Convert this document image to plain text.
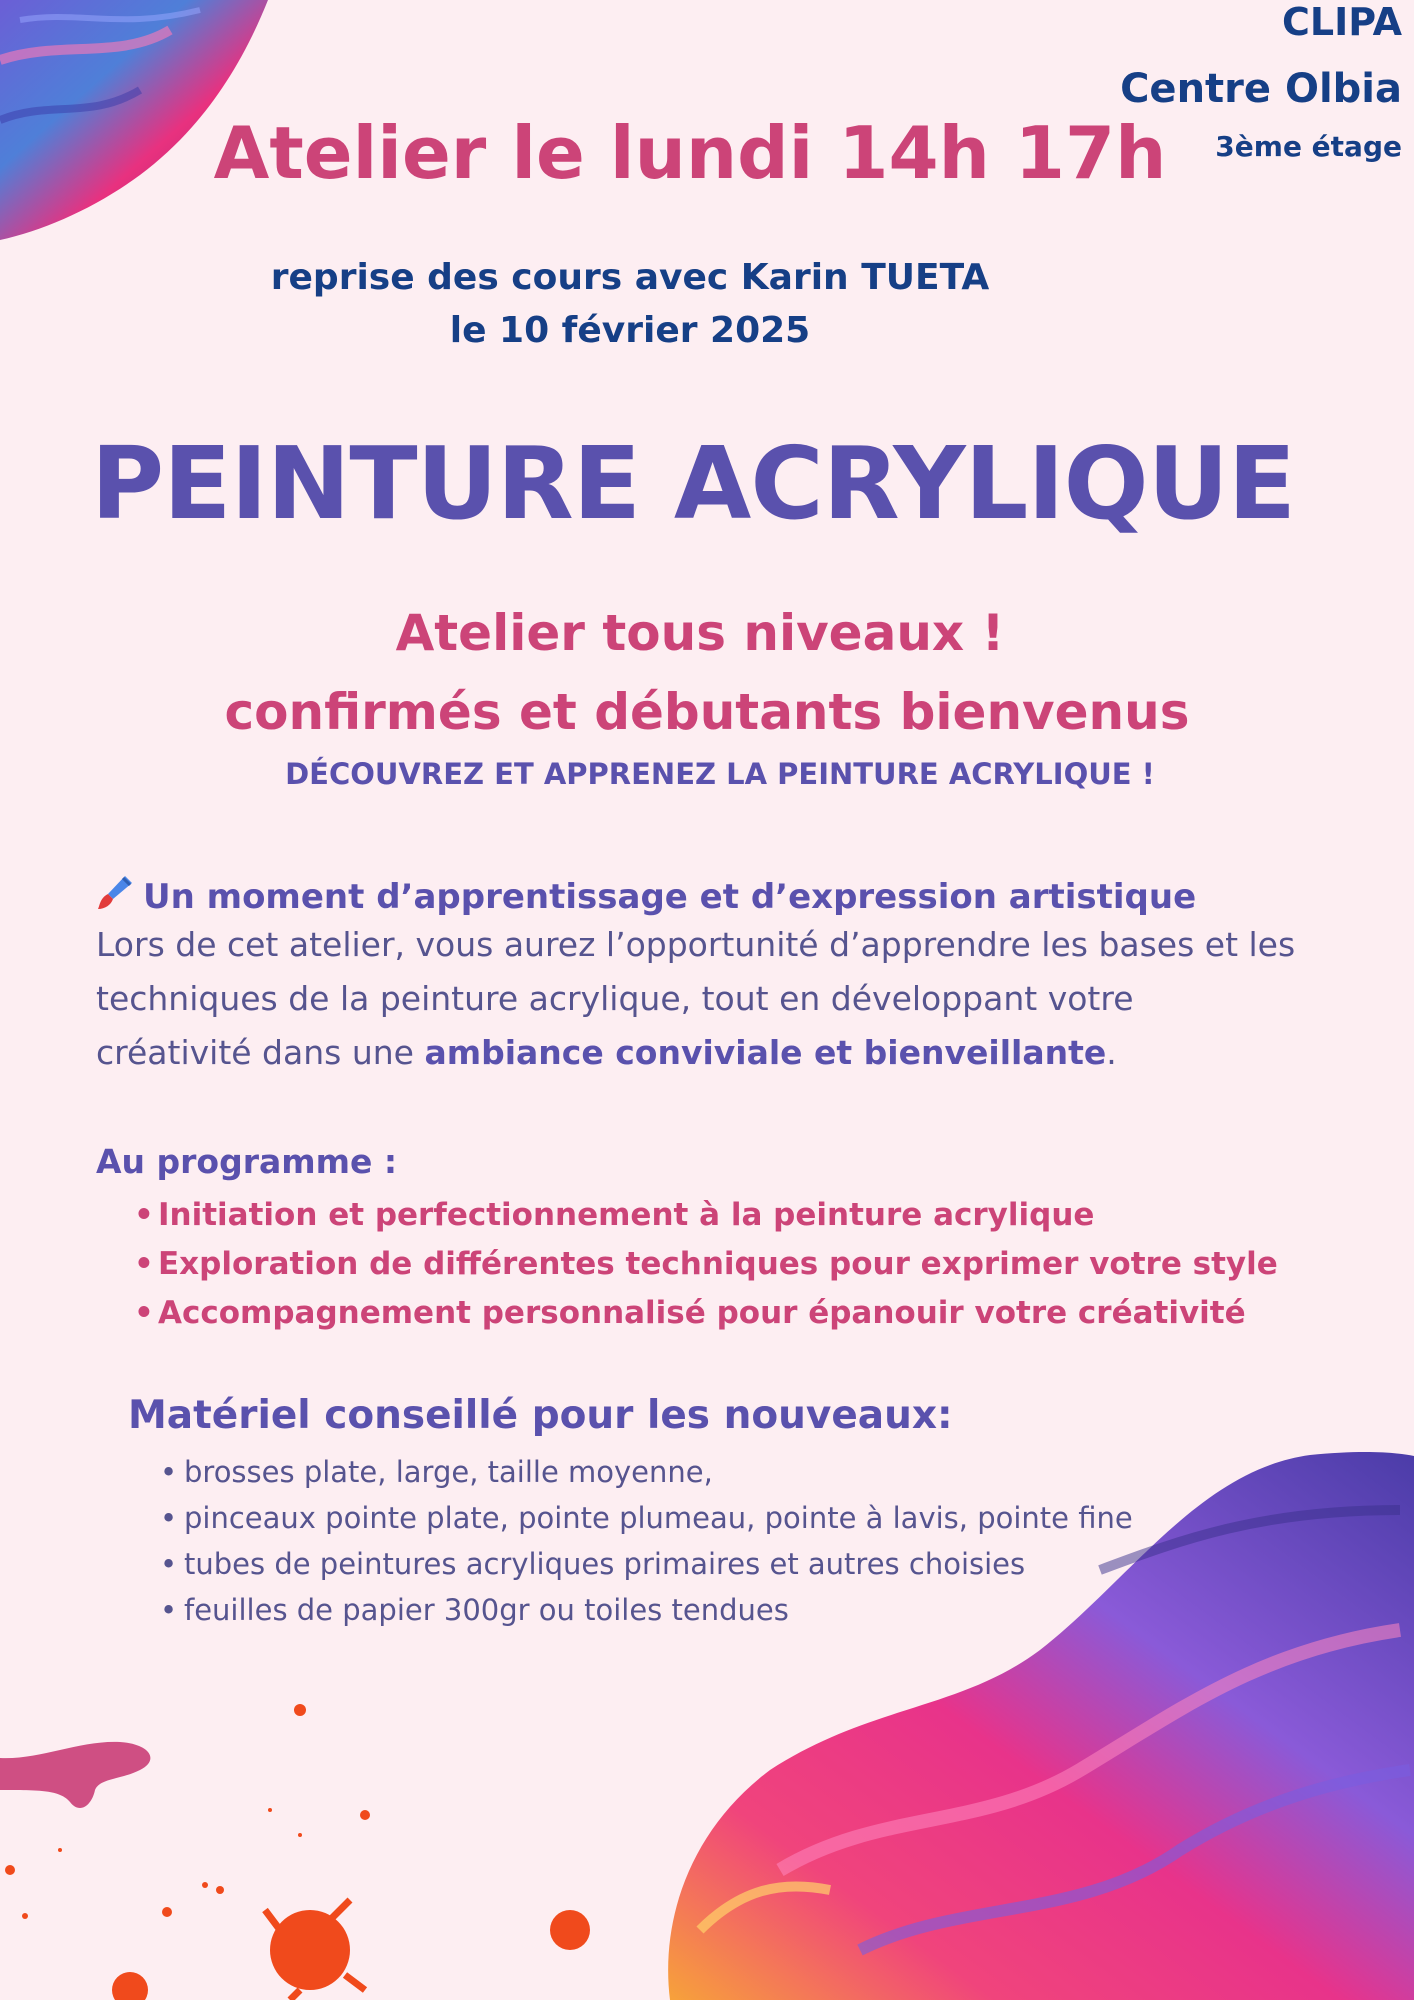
CLIPA
Centre Olbia
3ème étage
Atelier le lundi 14h 17h
reprise des cours avec Karin TUETA
le 10 février 2025
PEINTURE ACRYLIQUE
Atelier tous niveaux !
confirmés et débutants bienvenus
DÉCOUVREZ ET APPRENEZ LA PEINTURE ACRYLIQUE !
Un moment d’apprentissage et d’expression artistique
Lors de cet atelier, vous aurez l’opportunité d’apprendre les bases et les
techniques de la peinture acrylique, tout en développant votre
créativité dans une ambiance conviviale et bienveillante.
Au programme :
• Initiation et perfectionnement à la peinture acrylique
• Exploration de différentes techniques pour exprimer votre style
• Accompagnement personnalisé pour épanouir votre créativité
Matériel conseillé pour les nouveaux:
• brosses plate, large, taille moyenne,
• pinceaux pointe plate, pointe plumeau, pointe à lavis, pointe fine
• tubes de peintures acryliques primaires et autres choisies
• feuilles de papier 300gr ou toiles tendues
